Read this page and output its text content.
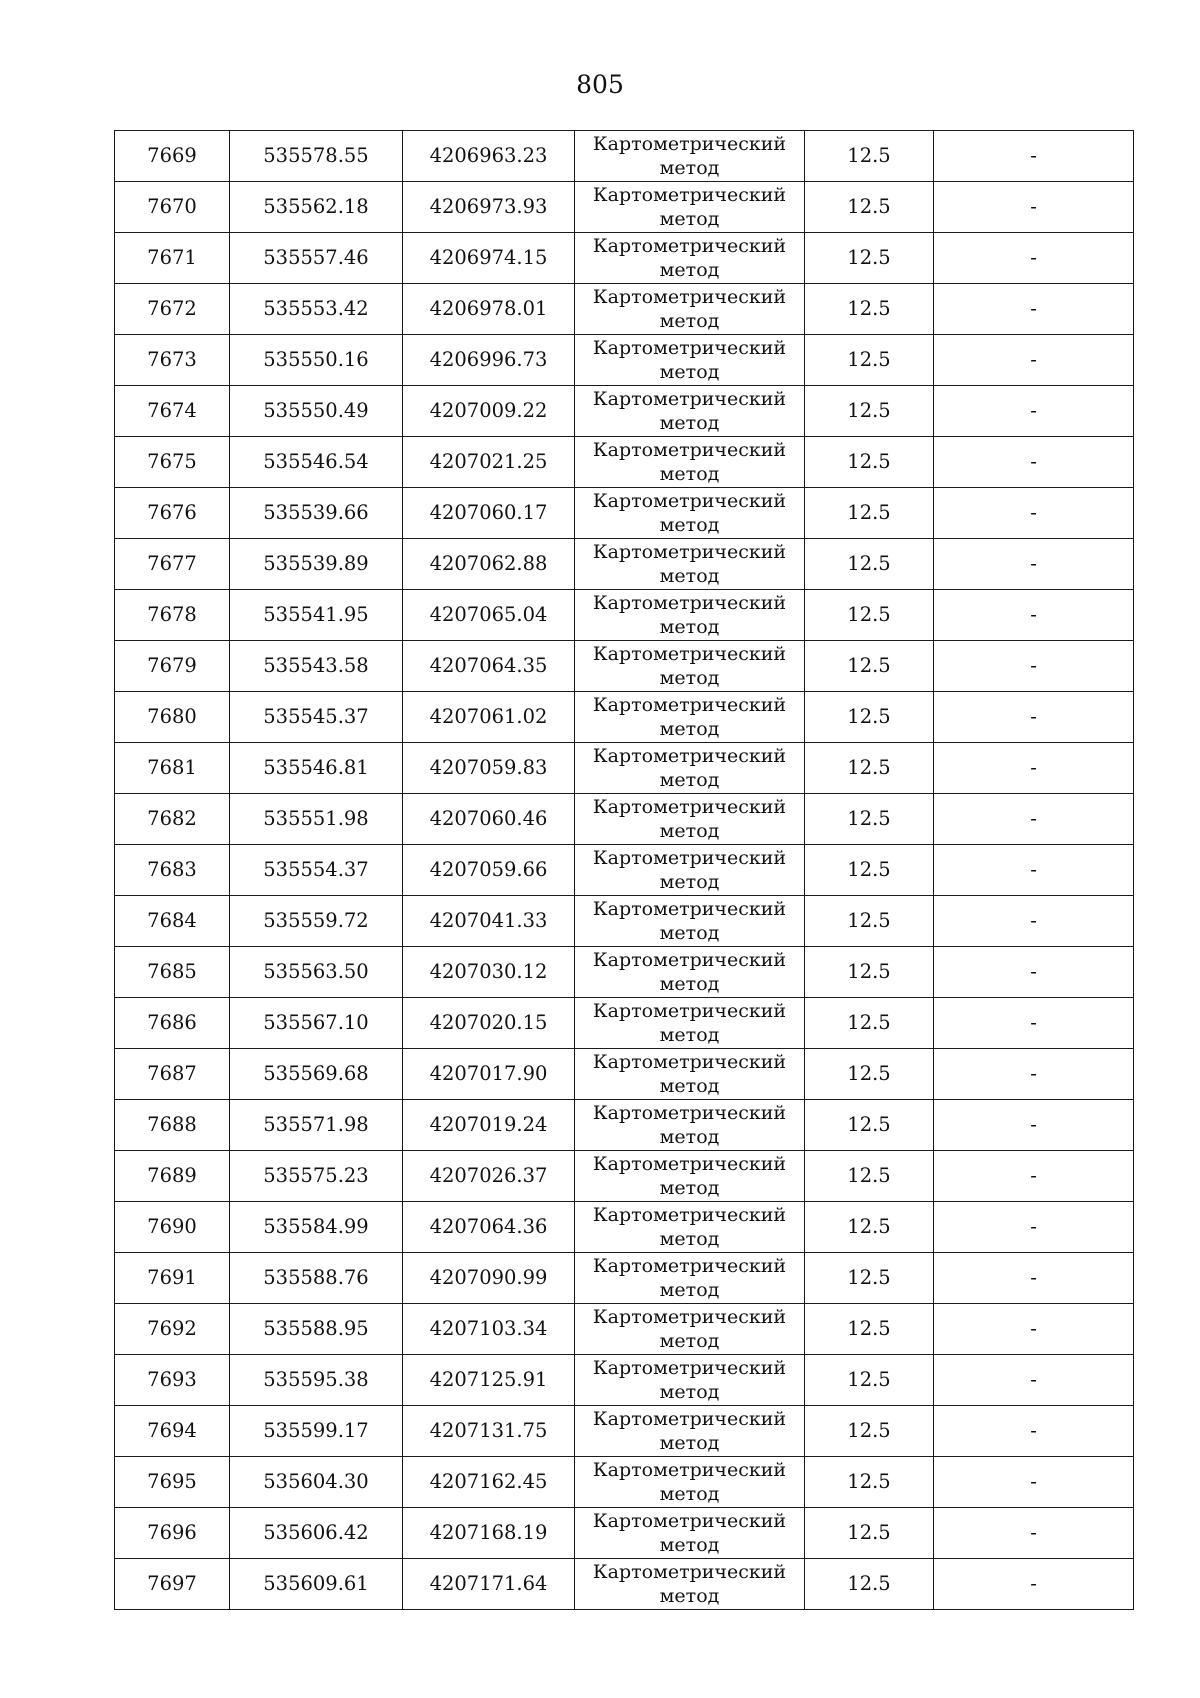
805
7669	535578.55	4206963.23	Картометрический
метод	12.5	-
7670	535562.18	4206973.93	Картометрический
метод	12.5	-
7671	535557.46	4206974.15	Картометрический
метод	12.5	-
7672	535553.42	4206978.01	Картометрический
метод	12.5	-
7673	535550.16	4206996.73	Картометрический
метод	12.5	-
7674	535550.49	4207009.22	Картометрический
метод	12.5	-
7675	535546.54	4207021.25	Картометрический
метод	12.5	-
7676	535539.66	4207060.17	Картометрический
метод	12.5	-
7677	535539.89	4207062.88	Картометрический
метод	12.5	-
7678	535541.95	4207065.04	Картометрический
метод	12.5	-
7679	535543.58	4207064.35	Картометрический
метод	12.5	-
7680	535545.37	4207061.02	Картометрический
метод	12.5	-
7681	535546.81	4207059.83	Картометрический
метод	12.5	-
7682	535551.98	4207060.46	Картометрический
метод	12.5	-
7683	535554.37	4207059.66	Картометрический
метод	12.5	-
7684	535559.72	4207041.33	Картометрический
метод	12.5	-
7685	535563.50	4207030.12	Картометрический
метод	12.5	-
7686	535567.10	4207020.15	Картометрический
метод	12.5	-
7687	535569.68	4207017.90	Картометрический
метод	12.5	-
7688	535571.98	4207019.24	Картометрический
метод	12.5	-
7689	535575.23	4207026.37	Картометрический
метод	12.5	-
7690	535584.99	4207064.36	Картометрический
метод	12.5	-
7691	535588.76	4207090.99	Картометрический
метод	12.5	-
7692	535588.95	4207103.34	Картометрический
метод	12.5	-
7693	535595.38	4207125.91	Картометрический
метод	12.5	-
7694	535599.17	4207131.75	Картометрический
метод	12.5	-
7695	535604.30	4207162.45	Картометрический
метод	12.5	-
7696	535606.42	4207168.19	Картометрический
метод	12.5	-
7697	535609.61	4207171.64	Картометрический
метод	12.5	-
